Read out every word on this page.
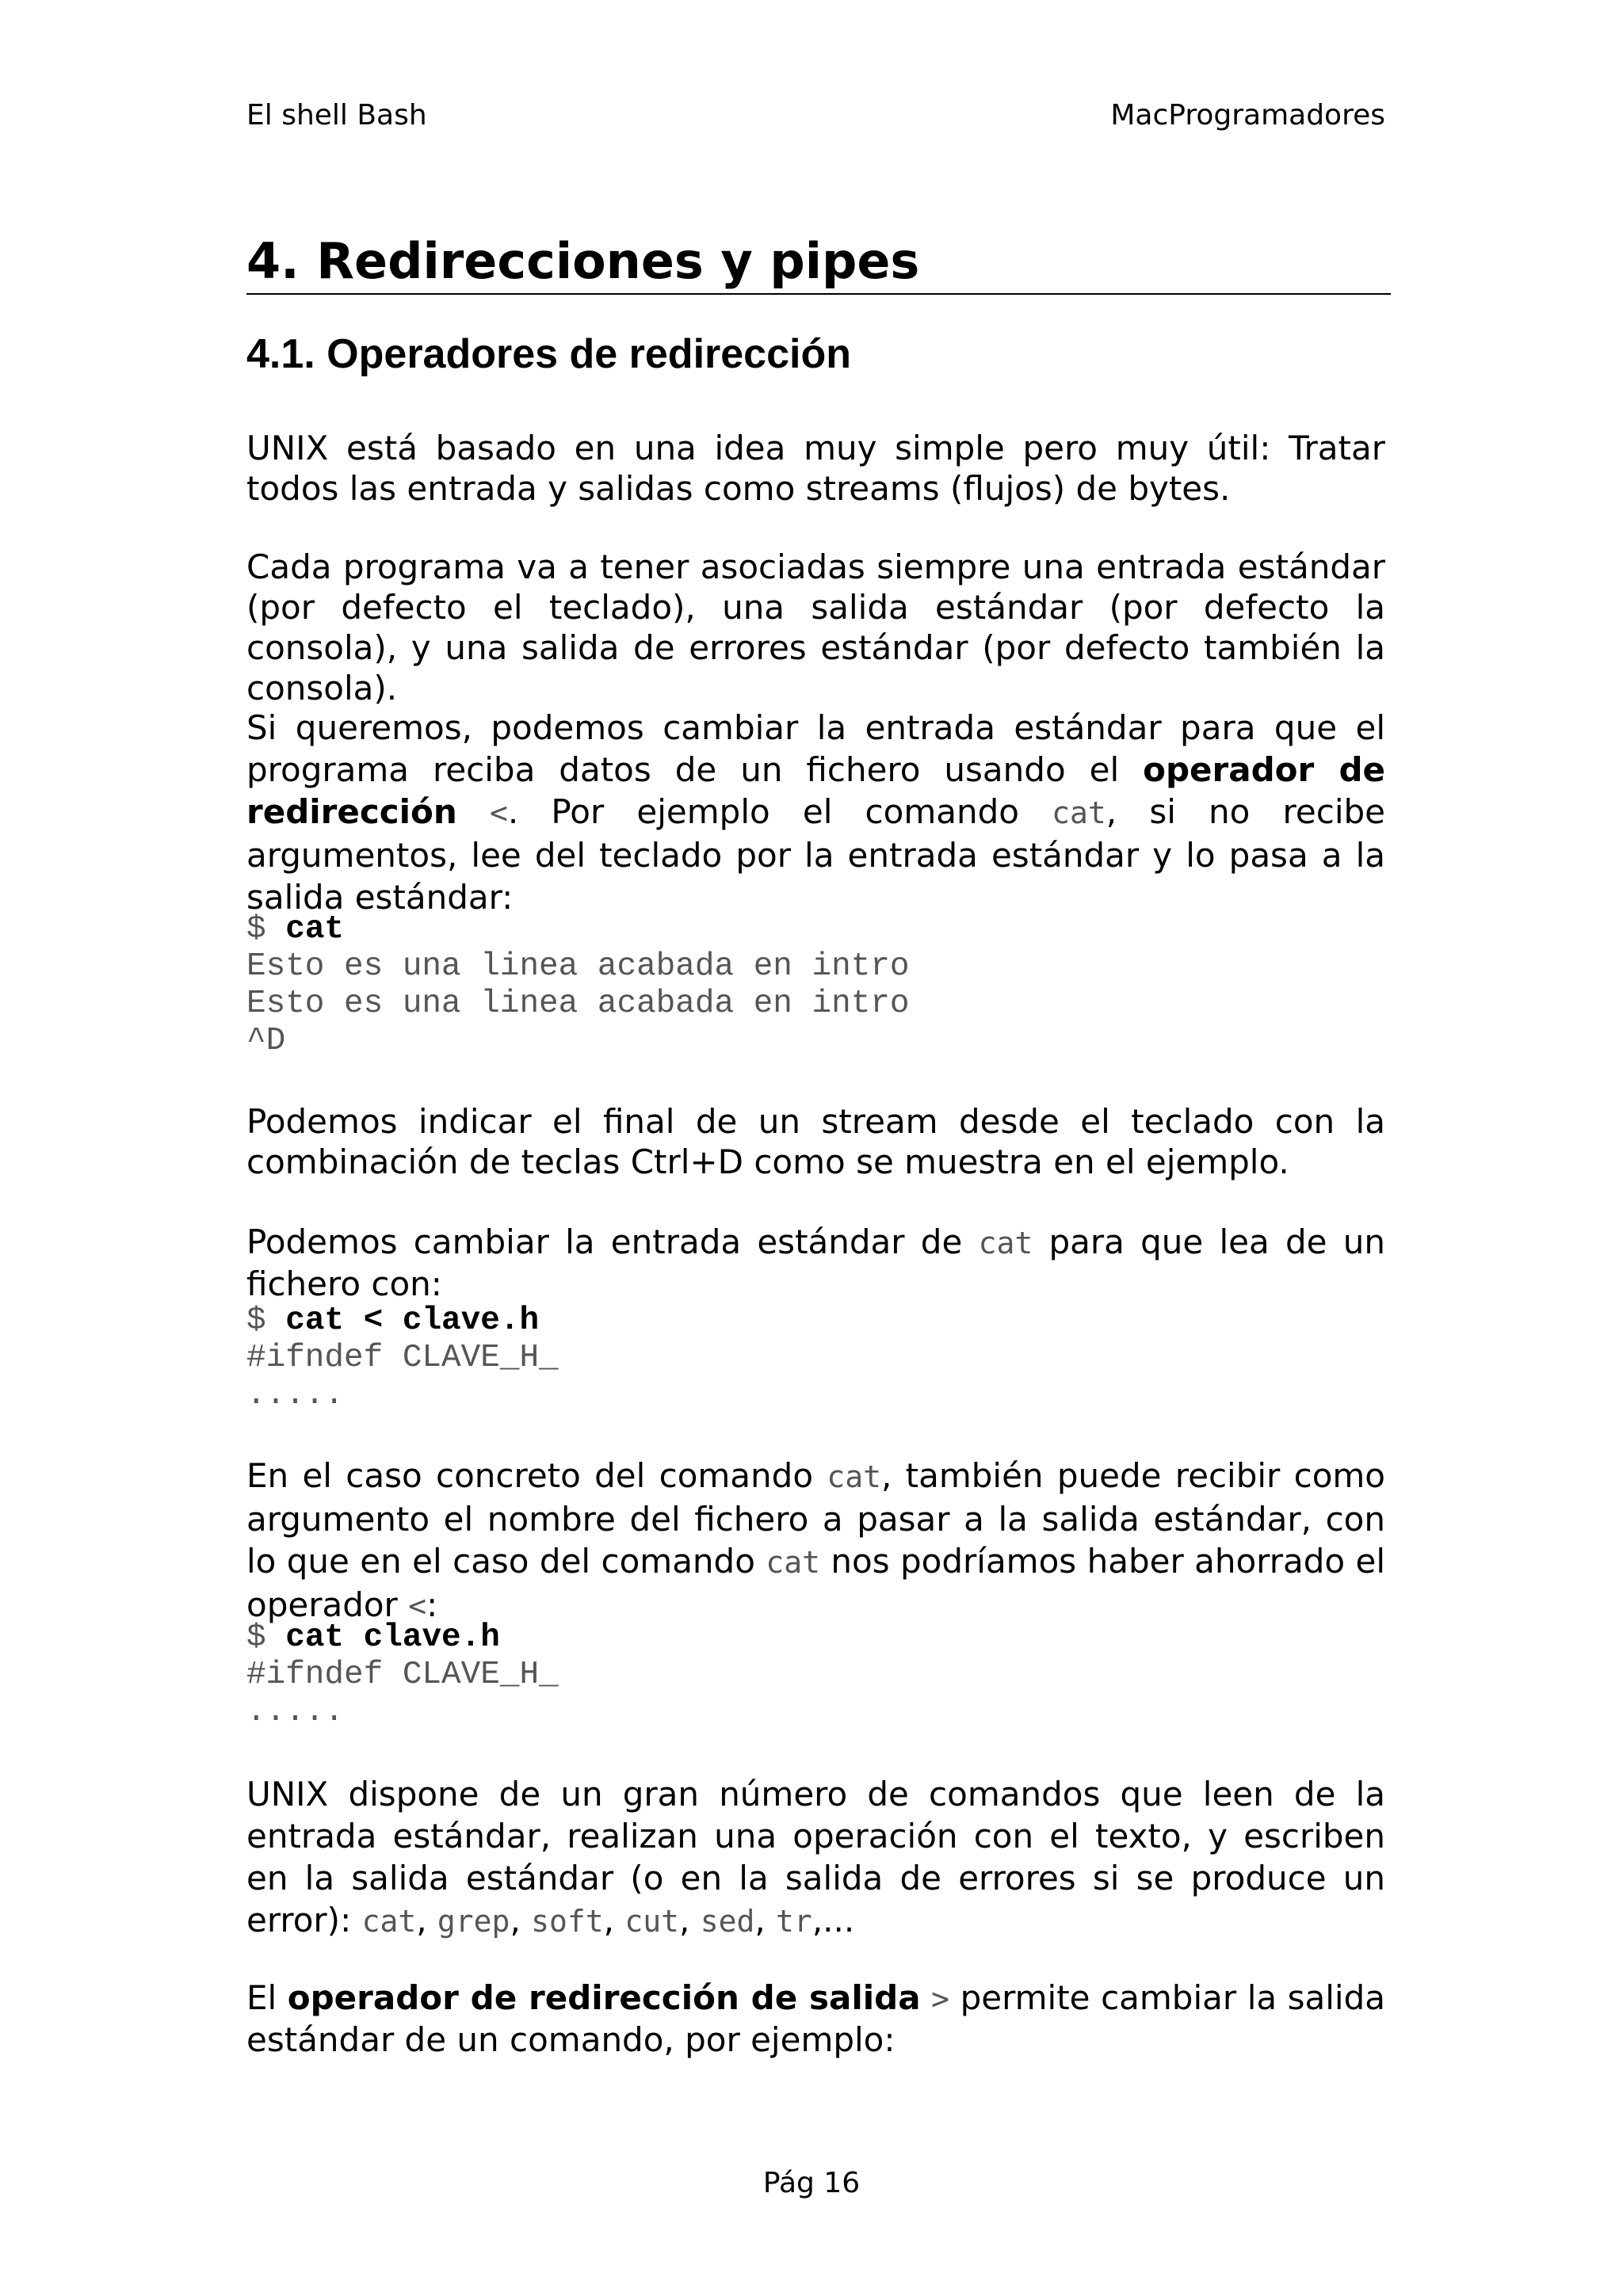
El shell Bash	MacProgramadores
4. Redirecciones y pipes
4.1. Operadores de redirección

UNIX está basado en una idea muy simple pero muy útil: Tratar todos las entrada y salidas como streams (flujos) de bytes.

Cada programa va a tener asociadas siempre una entrada estándar (por defecto el teclado), una salida estándar (por defecto la consola), y una salida de errores estándar (por defecto también la consola).

Si queremos, podemos cambiar la entrada estándar para que el programa reciba datos de un fichero usando el operador de redirección <. Por ejemplo el comando cat, si no recibe argumentos, lee del teclado por la entrada estándar y lo pasa a la salida estándar:

$ cat
Esto es una linea acabada en intro
Esto es una linea acabada en intro
^D

Podemos indicar el final de un stream desde el teclado con la combinación de teclas Ctrl+D como se muestra en el ejemplo.

Podemos cambiar la entrada estándar de cat para que lea de un fichero con:

$ cat < clave.h
#ifndef CLAVE_H_
.....

En el caso concreto del comando cat, también puede recibir como argumento el nombre del fichero a pasar a la salida estándar, con lo que en el caso del comando cat nos podríamos haber ahorrado el operador <:

$ cat clave.h
#ifndef CLAVE_H_
.....

UNIX dispone de un gran número de comandos que leen de la entrada estándar, realizan una operación con el texto, y escriben en la salida estándar (o en la salida de errores si se produce un error): cat, grep, soft, cut, sed, tr,...

El operador de redirección de salida > permite cambiar la salida estándar de un comando, por ejemplo:

Pág 16
